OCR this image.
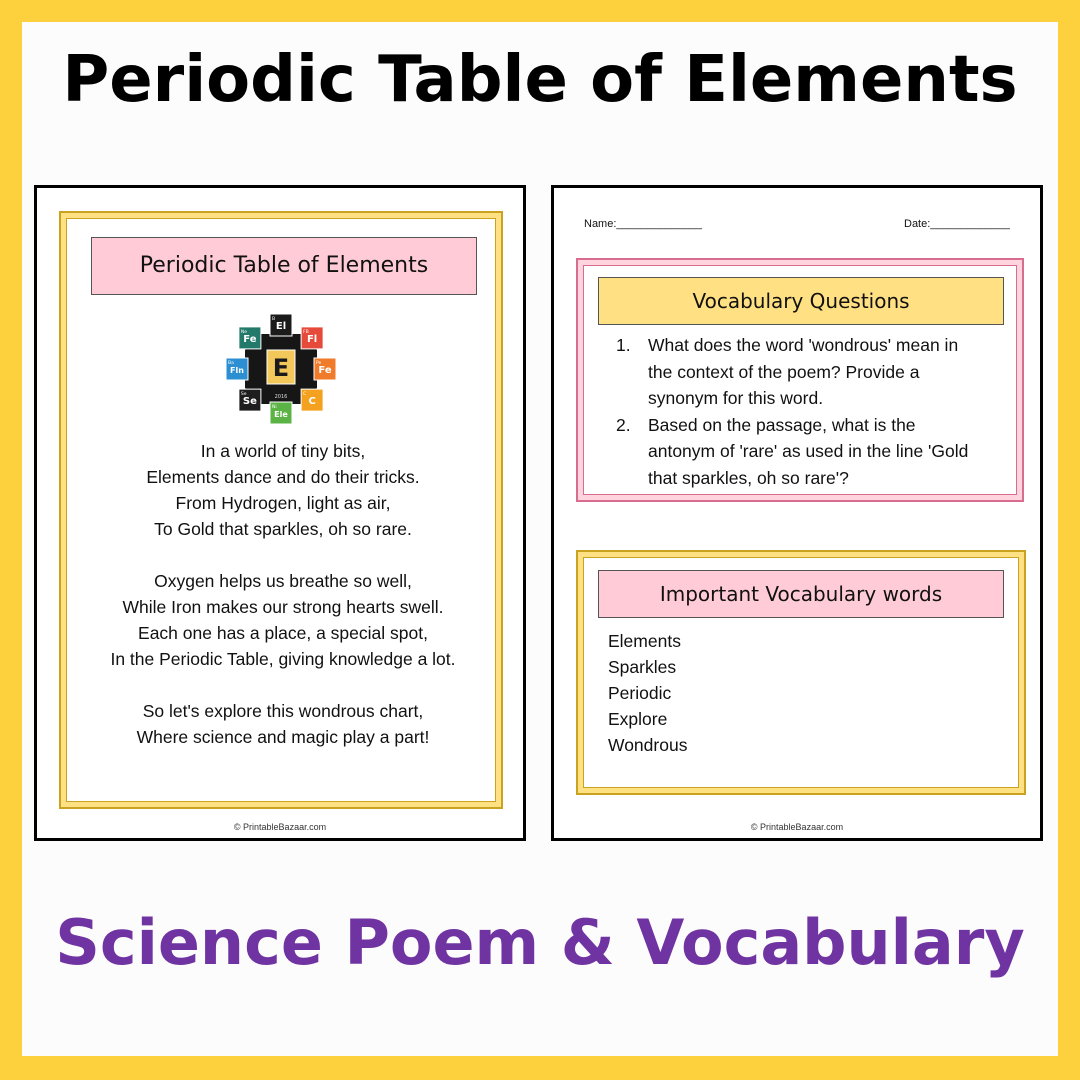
Periodic Table of Elements
Periodic Table of Elements
E
2016
B
El
FB
Fl
Pe
Fe
C
C
Ni
Ele
Se
Se
Ba
Fln
Ne
Fe
In a world of tiny bits,
Elements dance and do their tricks.
From Hydrogen, light as air,
To Gold that sparkles, oh so rare.
Oxygen helps us breathe so well,
While Iron makes our strong hearts swell.
Each one has a place, a special spot,
In the Periodic Table, giving knowledge a lot.
So let's explore this wondrous chart,
Where science and magic play a part!
© PrintableBazaar.com
Name:______________	Date:_____________
Vocabulary Questions
1. What does the word 'wondrous' mean in the context of the poem? Provide a synonym for this word.
2. Based on the passage, what is the antonym of 'rare' as used in the line 'Gold that sparkles, oh so rare'?
Important Vocabulary words
Elements
Sparkles
Periodic
Explore
Wondrous
© PrintableBazaar.com
Science Poem & Vocabulary
